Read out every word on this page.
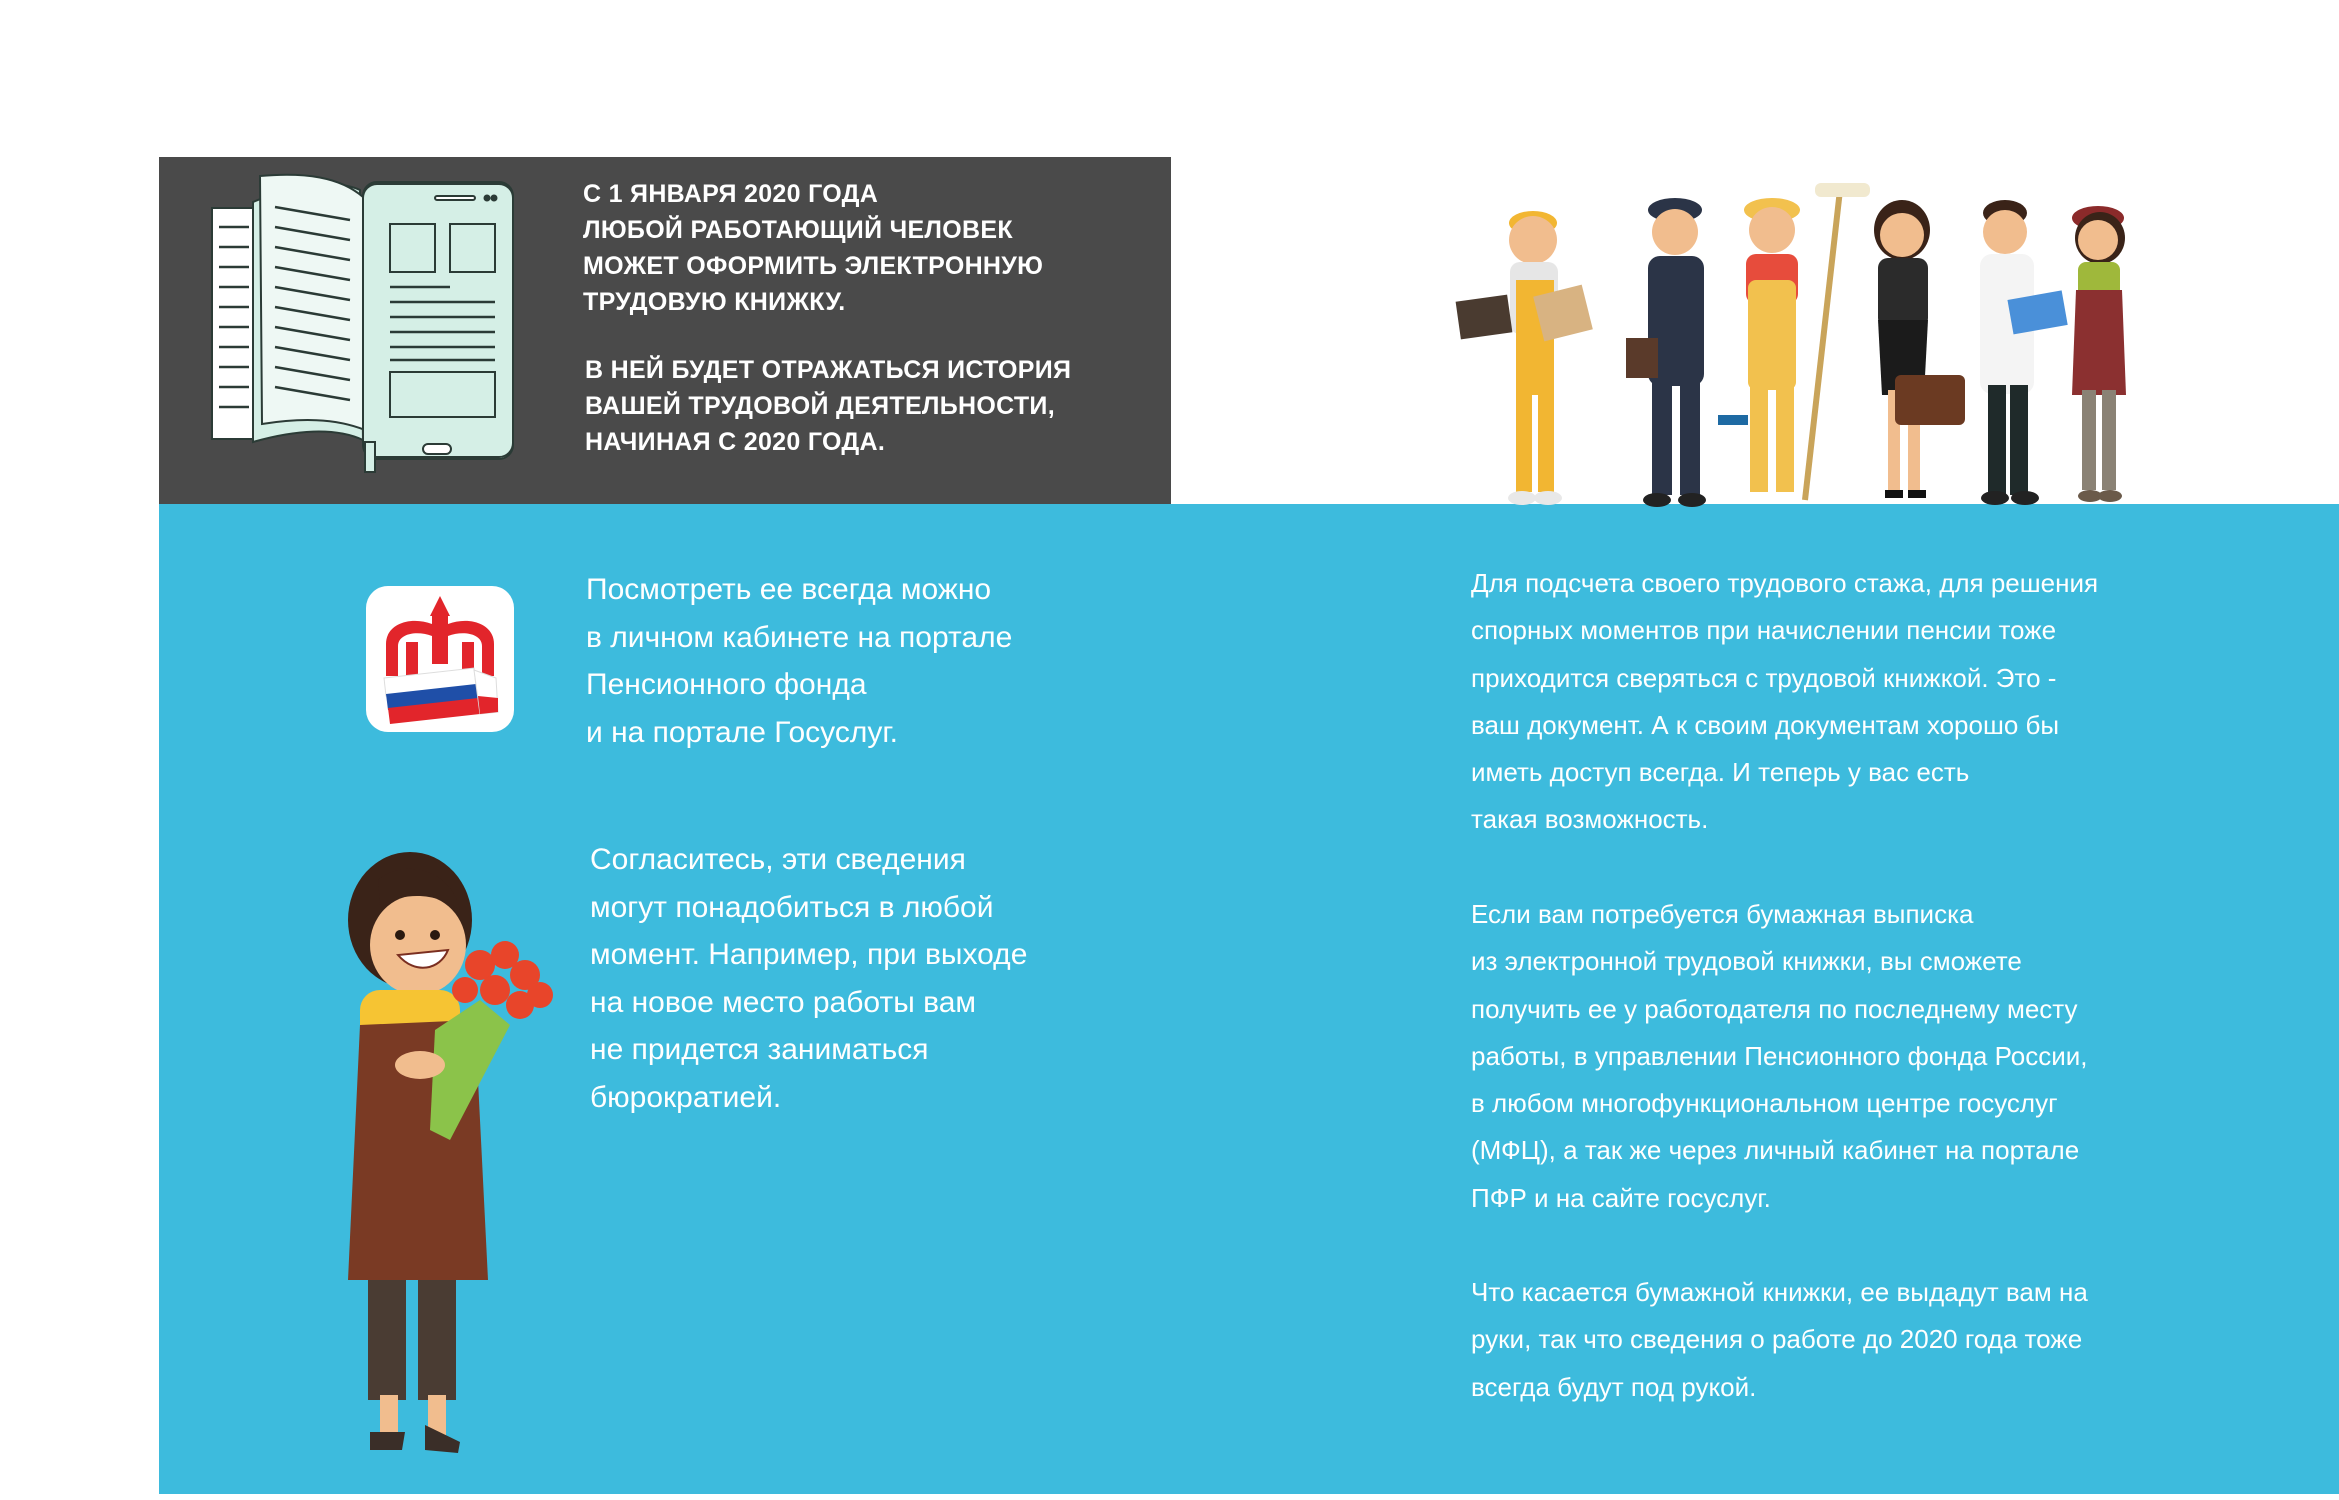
С 1 ЯНВАРЯ 2020 ГОДА
ЛЮБОЙ РАБОТАЮЩИЙ ЧЕЛОВЕК
МОЖЕТ ОФОРМИТЬ ЭЛЕКТРОННУЮ
ТРУДОВУЮ КНИЖКУ.

В НЕЙ БУДЕТ ОТРАЖАТЬСЯ ИСТОРИЯ
ВАШЕЙ ТРУДОВОЙ ДЕЯТЕЛЬНОСТИ,
НАЧИНАЯ С 2020 ГОДА.

Посмотреть ее всегда можно
в личном кабинете на портале
Пенсионного фонда
и на портале Госуслуг.

Согласитесь, эти сведения
могут понадобиться в любой
момент. Например, при выходе
на новое место работы вам
не придется заниматься
бюрократией.

Для подсчета своего трудового стажа, для решения
спорных моментов при начислении пенсии тоже
приходится сверяться с трудовой книжкой. Это -
ваш документ. А к своим документам хорошо бы
иметь доступ всегда. И теперь у вас есть
такая возможность.

Если вам потребуется бумажная выписка
из электронной трудовой книжки, вы сможете
получить ее у работодателя по последнему месту
работы, в управлении Пенсионного фонда России,
в любом многофункциональном центре госуслуг
(МФЦ), а так же через личный кабинет на портале
ПФР и на сайте госуслуг.

Что касается бумажной книжки, ее выдадут вам на
руки, так что сведения о работе до 2020 года тоже
всегда будут под рукой.
